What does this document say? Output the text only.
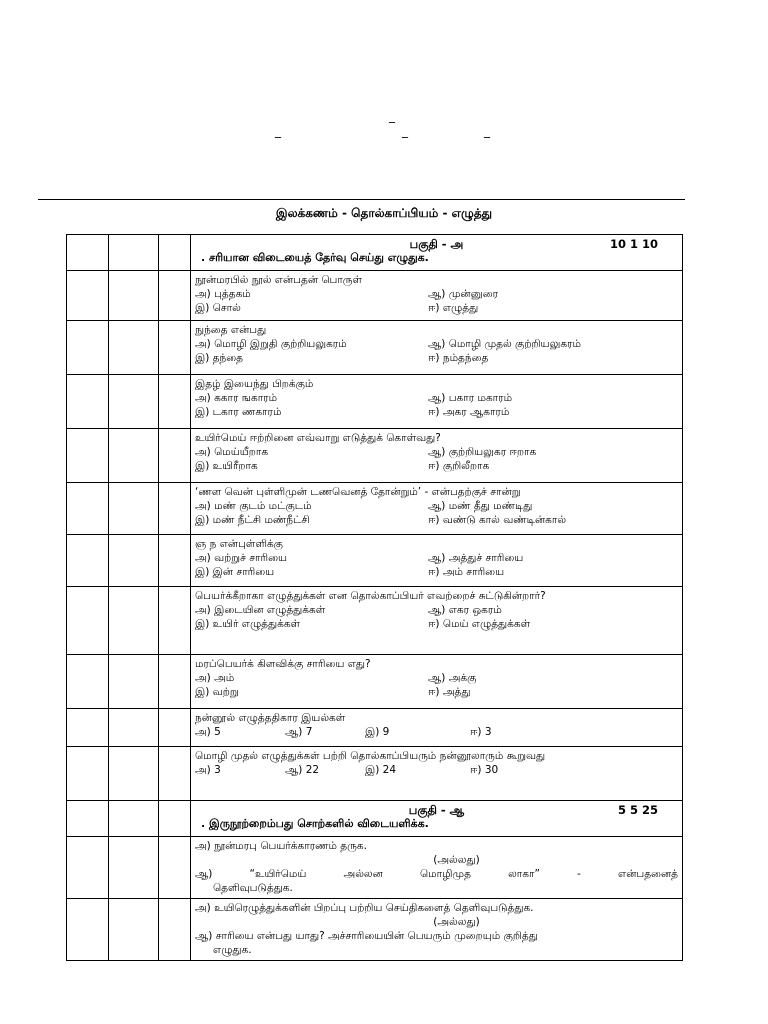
_
_	_	_
இலக்கணம் - தொல்காப்பியம் - எழுத்து

			பகுதி - அ 10 1 10
. சரியான விடையைத் தேர்வு செய்து எழுதுக.

			நூன்மரபில் நூல் என்பதன் பொருள்
அ) புத்தகம் ஆ) முன்னுரை
இ) சொல் ஈ) எழுத்து

			நுந்தை என்பது
அ) மொழி இறுதி குற்றியலுகரம் ஆ) மொழி முதல் குற்றியலுகரம்
இ) தந்தை ஈ) நம்தந்தை

			இதழ் இயைந்து பிறக்கும்
அ) ககார ஙகாரம் ஆ) பகார மகாரம்
இ) டகார ணகாரம் ஈ) அகர ஆகாரம்

			உயிர்மெய் ஈற்றினை எவ்வாறு எடுத்துக் கொள்வது?
அ) மெய்யீறாக ஆ) குற்றியலுகர ஈறாக
இ) உயிரீறாக ஈ) குறிலீறாக

			‘ணள வென் புள்ளிமுன் டணவெனத் தோன்றும்’ - என்பதற்குச் சான்று
அ) மண் குடம் மட்குடம் ஆ) மண் தீது மண்டிது
இ) மண் நீட்சி மண்நீட்சி ஈ) வண்டு கால் வண்டின்கால்

			ஞ ந என்புள்ளிக்கு
அ) வற்றுச் சாரியை ஆ) அத்துச் சாரியை
இ) இன் சாரியை ஈ) அம் சாரியை

			பெயர்க்கீறாகா எழுத்துக்கள் என தொல்காப்பியர் எவற்றைச் சுட்டுகின்றார்?
அ) இடையின எழுத்துக்கள் ஆ) எகர ஒகரம்
இ) உயிர் எழுத்துக்கள் ஈ) மெய் எழுத்துக்கள்

			மரப்பெயர்க் கிளவிக்கு சாரியை எது?
அ) அம் ஆ) அக்கு
இ) வற்று ஈ) அத்து

			நன்னூல் எழுத்ததிகார இயல்கள்
அ) 5 ஆ) 7 இ) 9 ஈ) 3

			மொழி முதல் எழுத்துக்கள் பற்றி தொல்காப்பியரும் நன்னூலாரும் கூறுவது
அ) 3 ஆ) 22 இ) 24 ஈ) 30

			பகுதி - ஆ 5 5 25
. இருநூற்றைம்பது சொற்களில் விடையளிக்க.

			அ) நூன்மரபு பெயர்க்காரணம் தருக.
(அல்லது)
ஆ) “உயிர்மெய் அல்லன மொழிமுத லாகா” - என்பதனைத்
தெளிவுபடுத்துக.

			அ) உயிரெழுத்துக்களின் பிறப்பு பற்றிய செய்திகளைத் தெளிவுபடுத்துக.
(அல்லது)
ஆ) சாரியை என்பது யாது? அச்சாரியையின் பெயரும் முறையும் குறித்து
எழுதுக.
